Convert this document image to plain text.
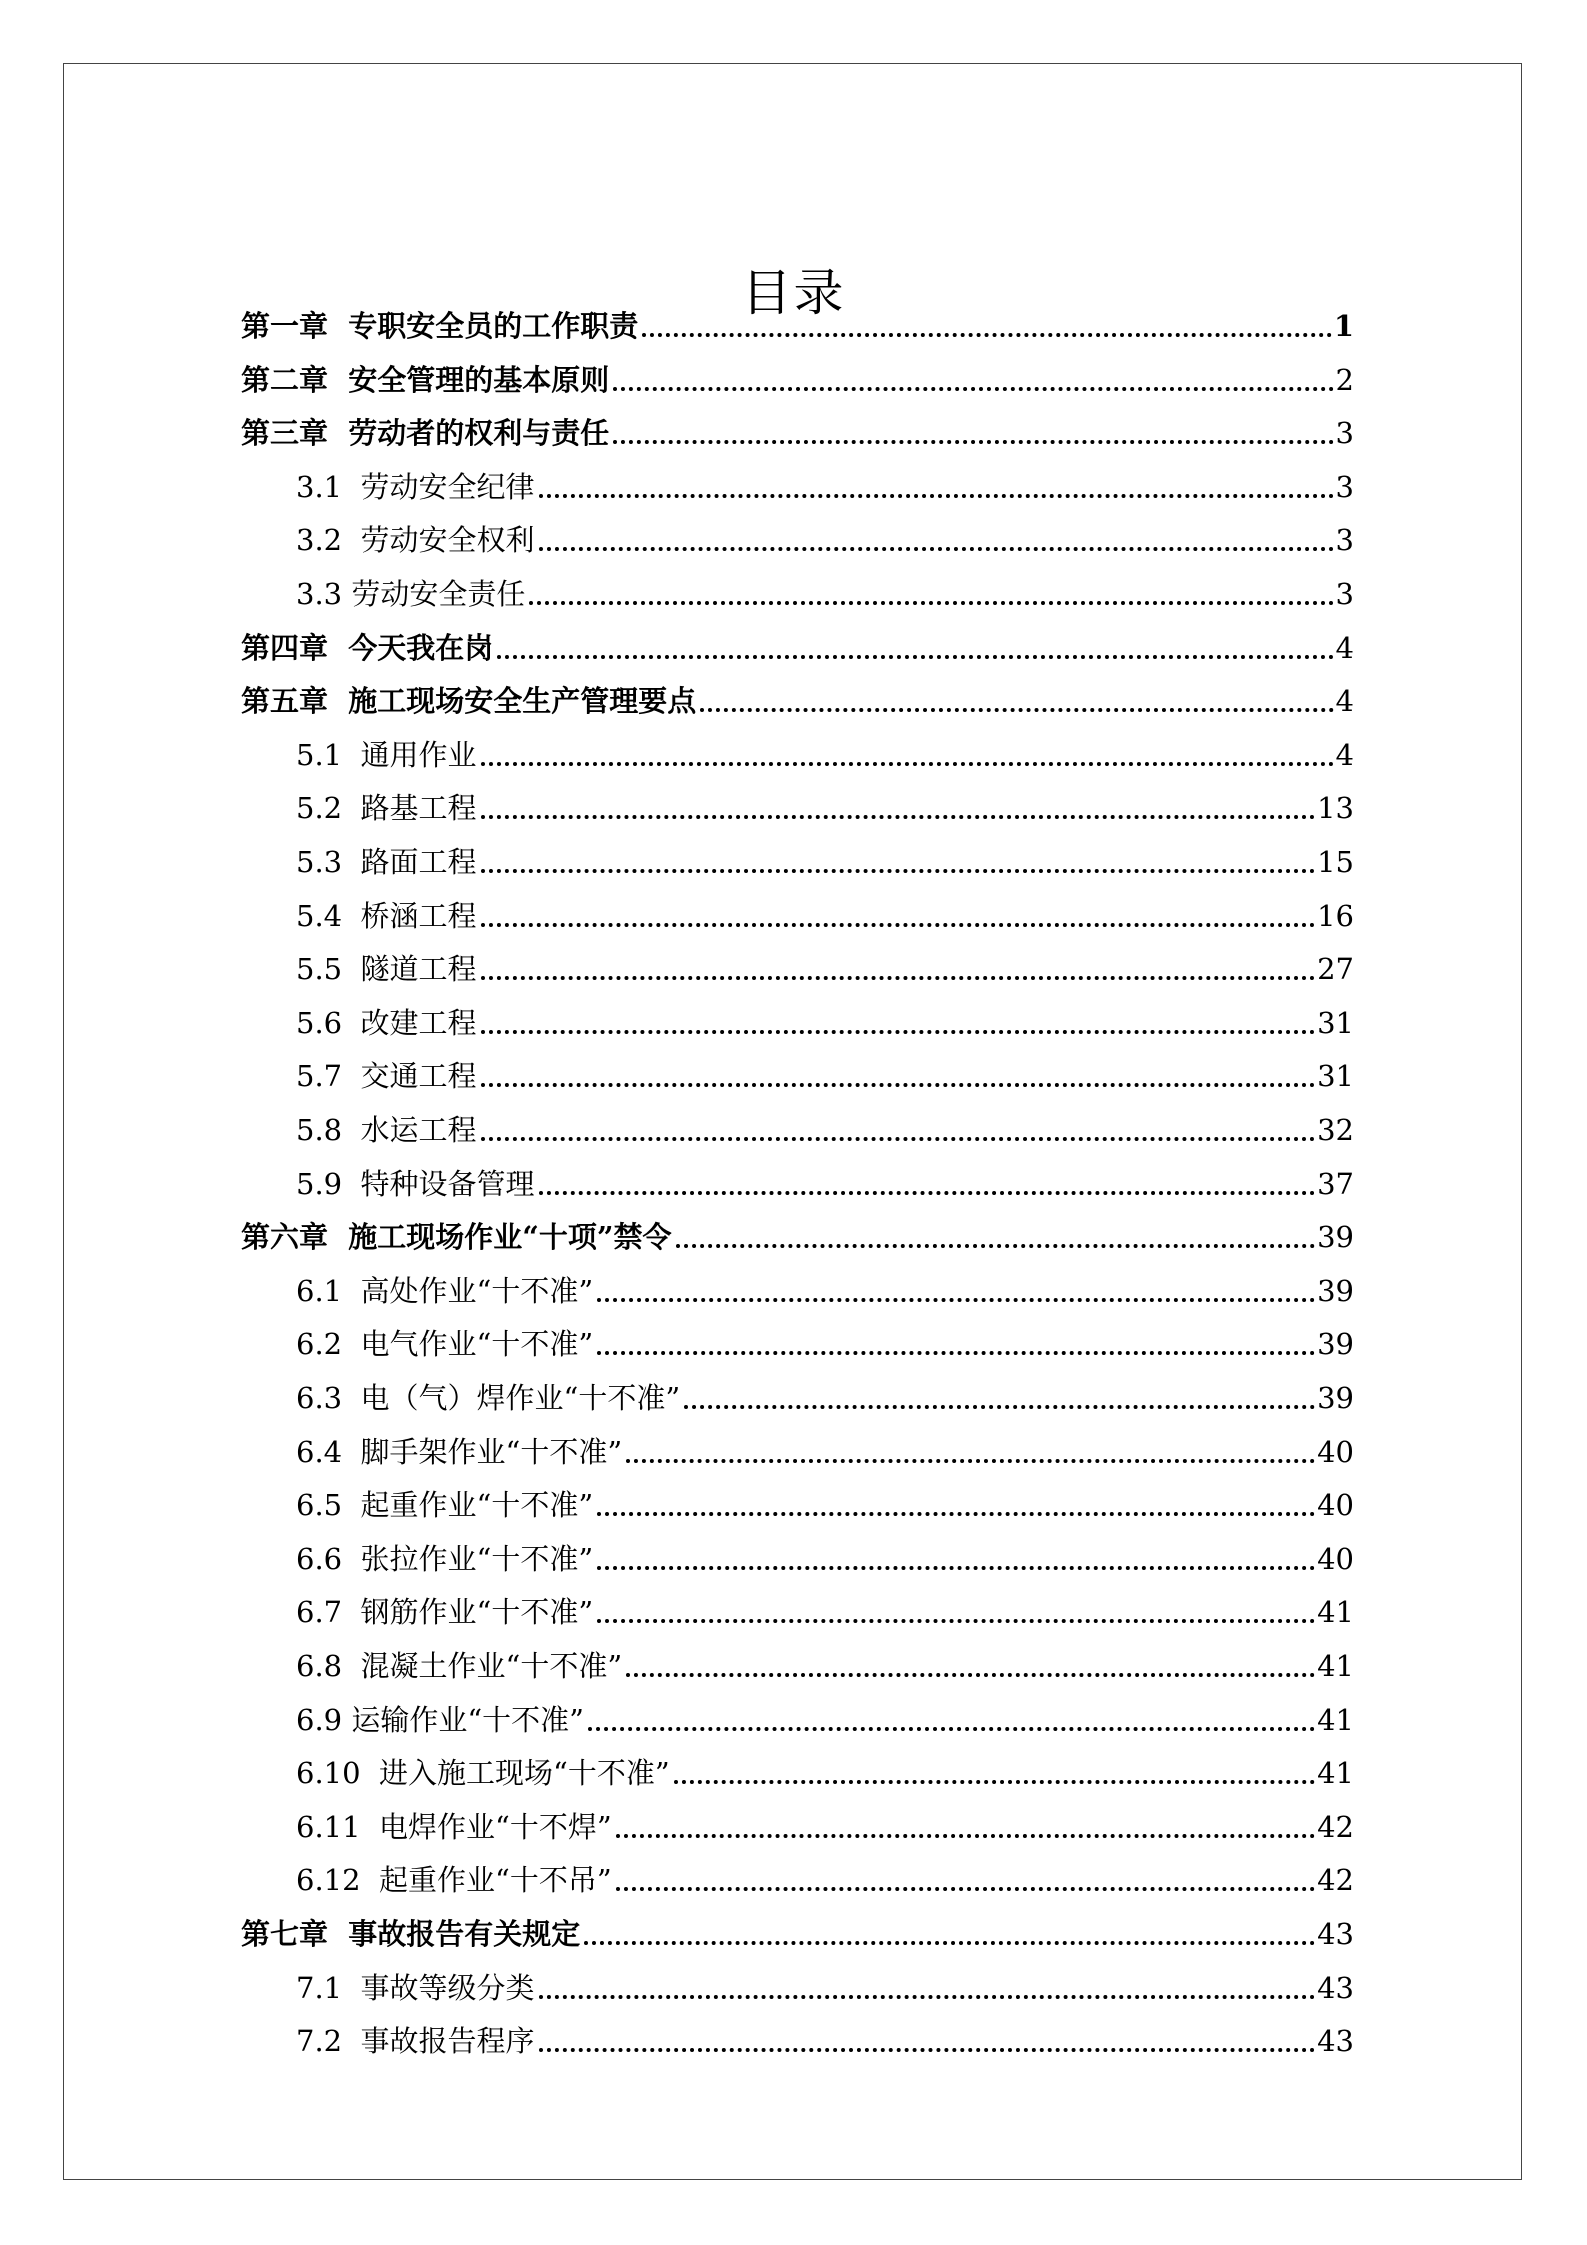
目录
第一章  专职安全员的工作职责	1
第二章  安全管理的基本原则	2
第三章  劳动者的权利与责任	3
3.1  劳动安全纪律	3
3.2  劳动安全权利	3
3.3 劳动安全责任	3
第四章  今天我在岗	4
第五章  施工现场安全生产管理要点	4
5.1  通用作业	4
5.2  路基工程	13
5.3  路面工程	15
5.4  桥涵工程	16
5.5  隧道工程	27
5.6  改建工程	31
5.7  交通工程	31
5.8  水运工程	32
5.9  特种设备管理	37
第六章  施工现场作业“十项”禁令	39
6.1  高处作业“十不准”	39
6.2  电气作业“十不准”	39
6.3  电（气）焊作业“十不准”	39
6.4  脚手架作业“十不准”	40
6.5  起重作业“十不准”	40
6.6  张拉作业“十不准”	40
6.7  钢筋作业“十不准”	41
6.8  混凝土作业“十不准”	41
6.9 运输作业“十不准”	41
6.10  进入施工现场“十不准”	41
6.11  电焊作业“十不焊”	42
6.12  起重作业“十不吊”	42
第七章  事故报告有关规定	43
7.1  事故等级分类	43
7.2  事故报告程序	43
